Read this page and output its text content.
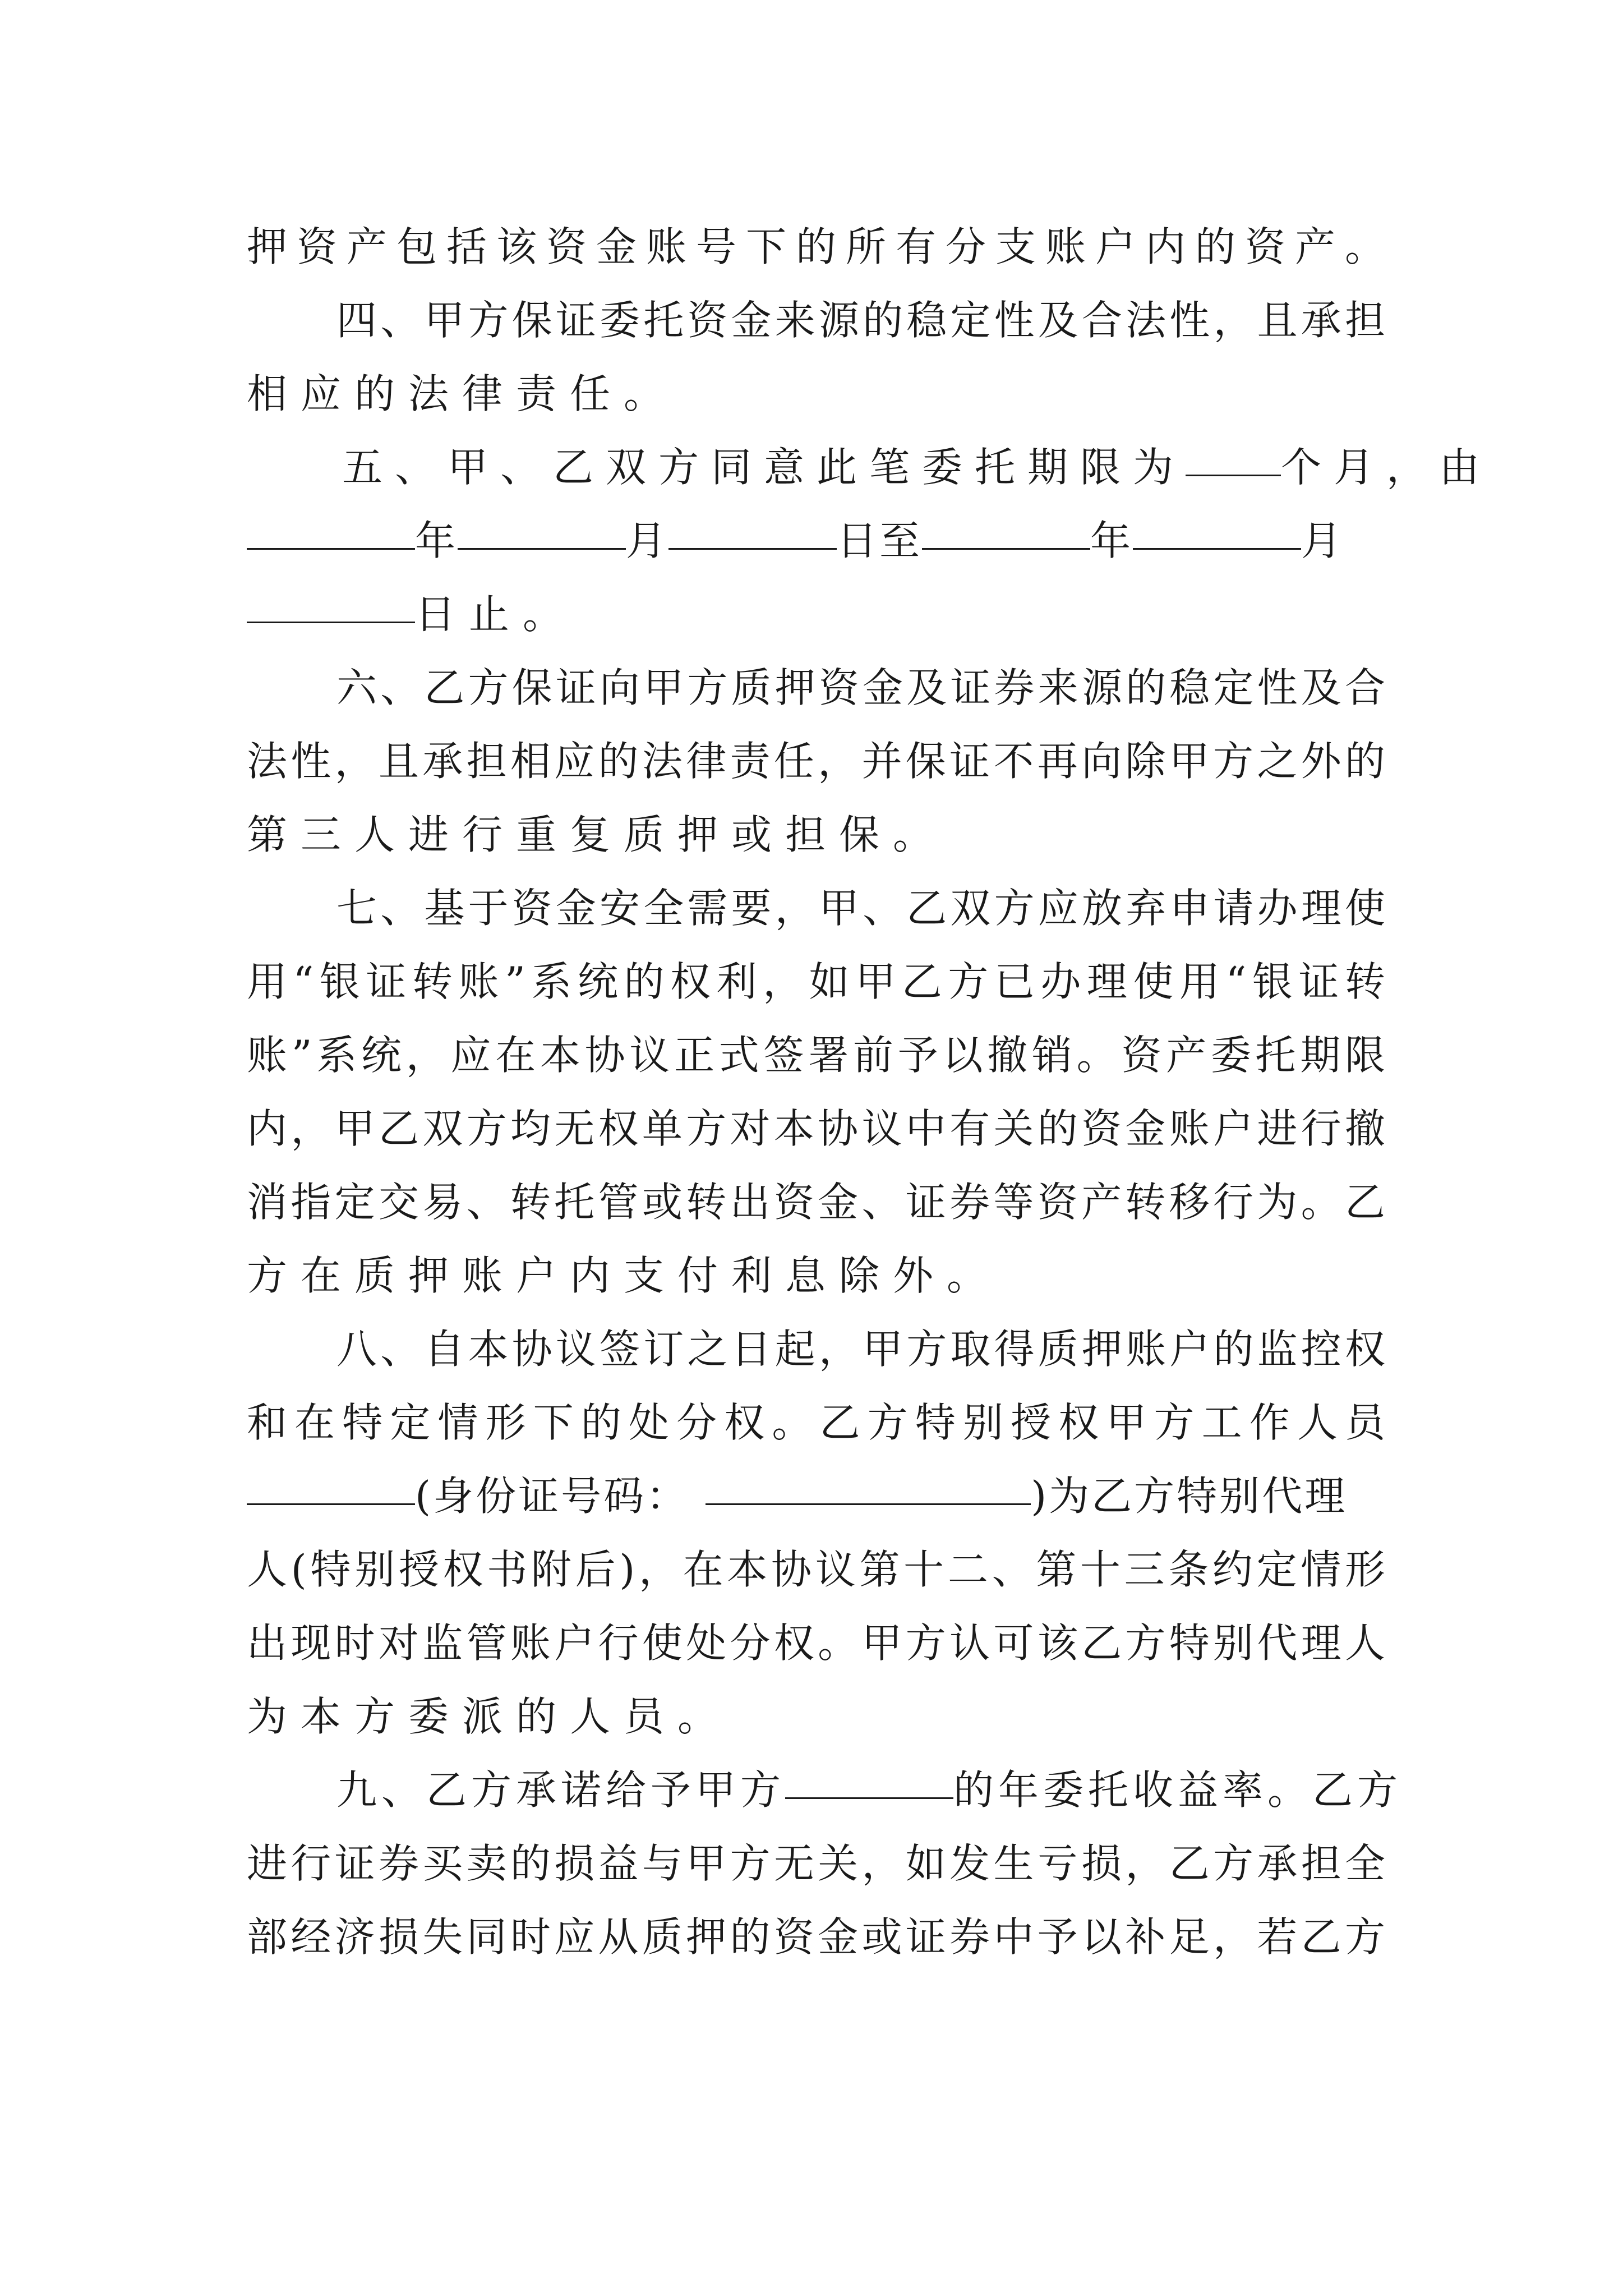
押资产包括该资金账号下的所有分支账户内的资产。
四、甲方保证委托资金来源的稳定性及合法性，且承担
相应的法律责任。
五、甲、乙双方同意此笔委托期限为 个月，由
年	月	日至	年	月
日止。
六、乙方保证向甲方质押资金及证券来源的稳定性及合
法性，且承担相应的法律责任，并保证不再向除甲方之外的
第三人进行重复质押或担保。
七、基于资金安全需要，甲、乙双方应放弃申请办理使
用“银证转账”系统的权利，如甲乙方已办理使用“银证转
账”系统，应在本协议正式签署前予以撤销。资产委托期限
内，甲乙双方均无权单方对本协议中有关的资金账户进行撤
消指定交易、转托管或转出资金、证券等资产转移行为。乙
方在质押账户内支付利息除外。
八、自本协议签订之日起，甲方取得质押账户的监控权
和在特定情形下的处分权。乙方特别授权甲方工作人员
(身份证号码：	)为乙方特别代理
人(特别授权书附后)，在本协议第十二、第十三条约定情形
出现时对监管账户行使处分权。甲方认可该乙方特别代理人
为本方委派的人员。
九、乙方承诺给予甲方	的年委托收益率。乙方
进行证券买卖的损益与甲方无关，如发生亏损，乙方承担全
部经济损失同时应从质押的资金或证券中予以补足，若乙方
